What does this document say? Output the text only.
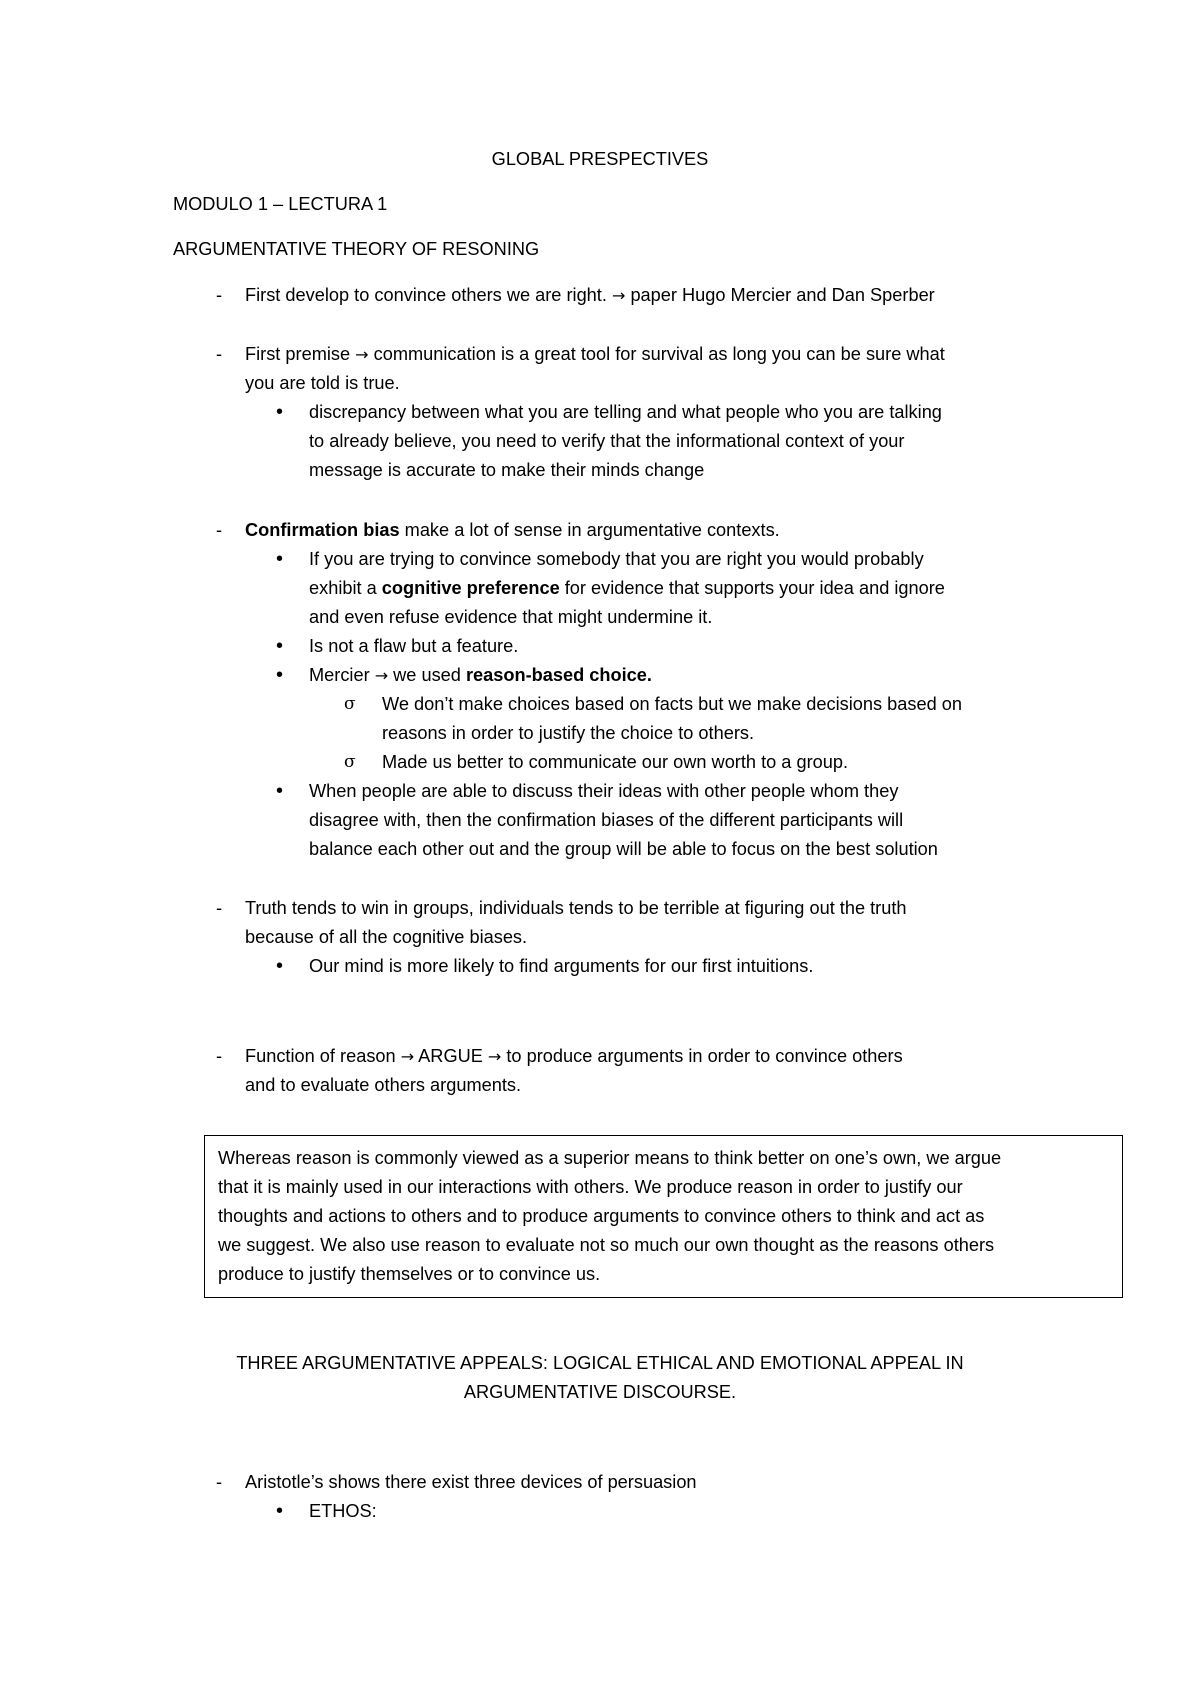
GLOBAL PRESPECTIVES
MODULO 1 – LECTURA 1
ARGUMENTATIVE THEORY OF RESONING
- First develop to convince others we are right. → paper Hugo Mercier and Dan Sperber
- First premise → communication is a great tool for survival as long you can be sure what
you are told is true.
• discrepancy between what you are telling and what people who you are talking
to already believe, you need to verify that the informational context of your
message is accurate to make their minds change
- Confirmation bias make a lot of sense in argumentative contexts.
• If you are trying to convince somebody that you are right you would probably
exhibit a cognitive preference for evidence that supports your idea and ignore
and even refuse evidence that might undermine it.
• Is not a flaw but a feature.
• Mercier → we used reason-based choice.
σ We don’t make choices based on facts but we make decisions based on
reasons in order to justify the choice to others.
σ Made us better to communicate our own worth to a group.
• When people are able to discuss their ideas with other people whom they
disagree with, then the confirmation biases of the different participants will
balance each other out and the group will be able to focus on the best solution
- Truth tends to win in groups, individuals tends to be terrible at figuring out the truth
because of all the cognitive biases.
• Our mind is more likely to find arguments for our first intuitions.
- Function of reason → ARGUE → to produce arguments in order to convince others
and to evaluate others arguments.
Whereas reason is commonly viewed as a superior means to think better on one’s own, we argue
that it is mainly used in our interactions with others. We produce reason in order to justify our
thoughts and actions to others and to produce arguments to convince others to think and act as
we suggest. We also use reason to evaluate not so much our own thought as the reasons others
produce to justify themselves or to convince us.
THREE ARGUMENTATIVE APPEALS: LOGICAL ETHICAL AND EMOTIONAL APPEAL IN
ARGUMENTATIVE DISCOURSE.
- Aristotle’s shows there exist three devices of persuasion
• ETHOS:
